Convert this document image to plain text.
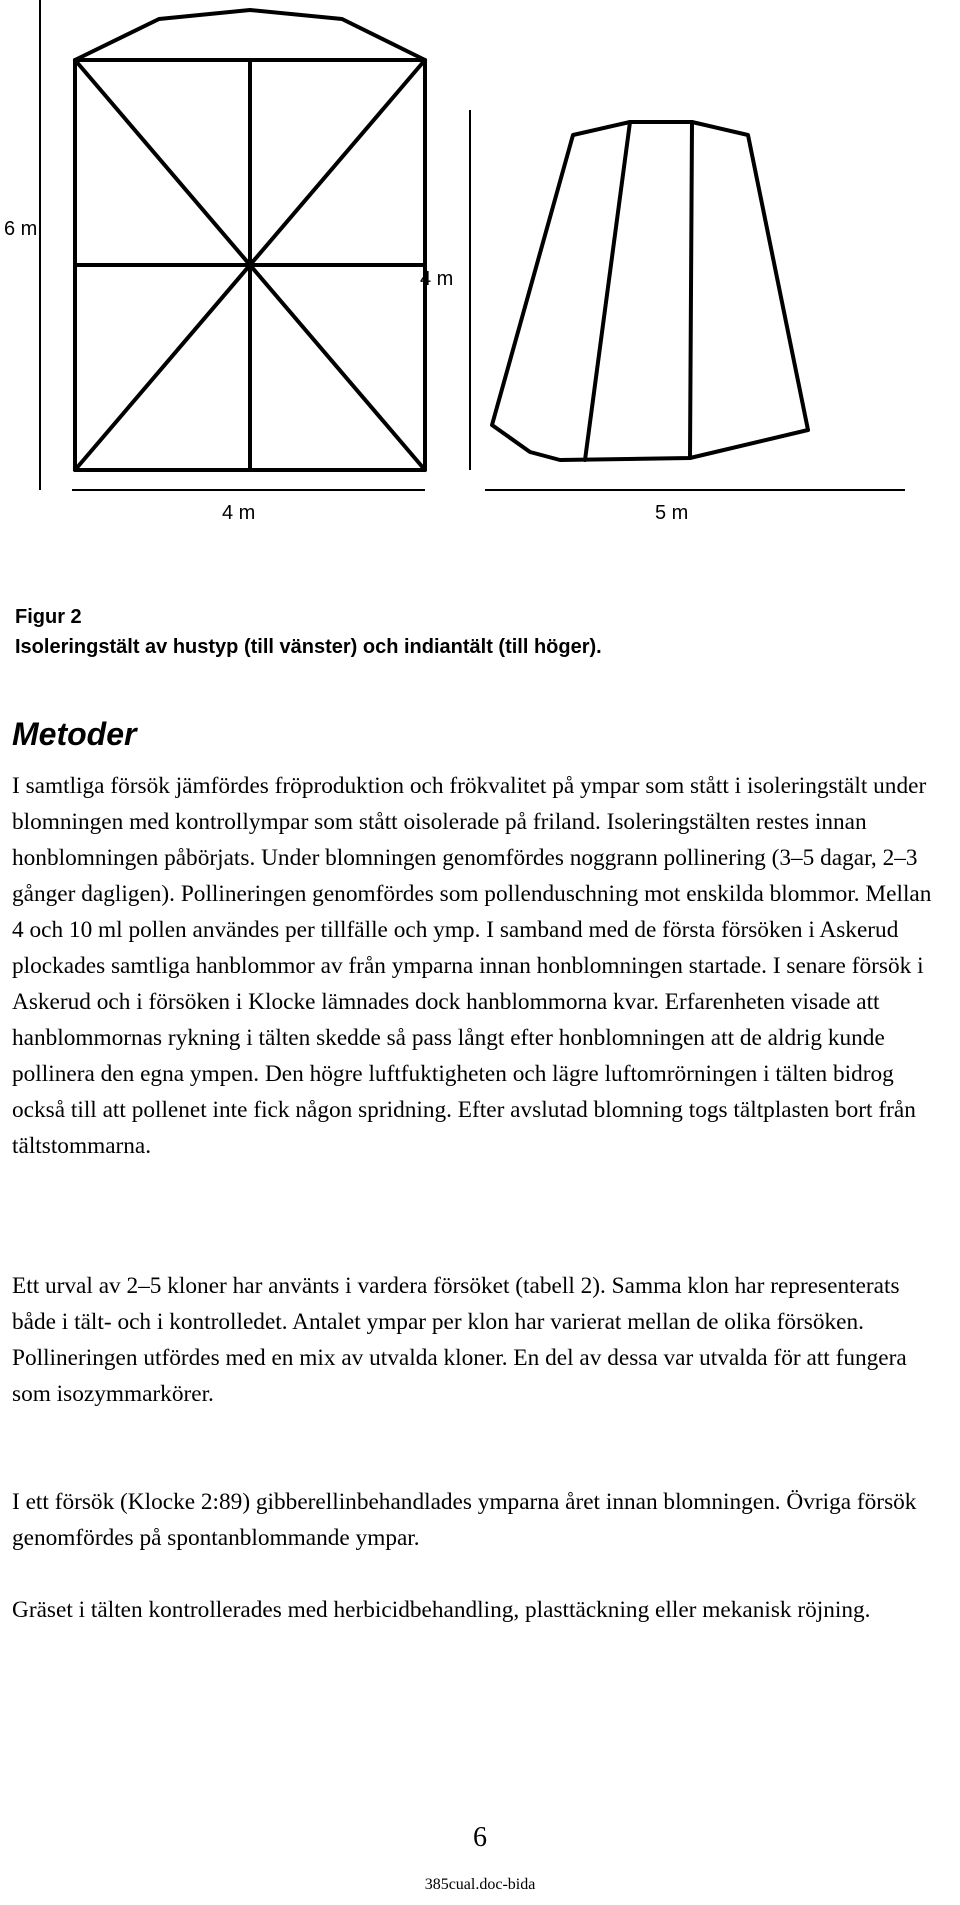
6 m
4 m
4 m	5 m
Figur 2
Isoleringstält av hustyp (till vänster) och indiantält (till höger).
Metoder

I samtliga försök jämfördes fröproduktion och frökvalitet på ympar som stått i isoleringstält under blomningen med kontrollympar som stått oisolerade på friland. Isoleringstälten restes innan honblomningen påbörjats. Under blomningen genomfördes noggrann pollinering (3–5 dagar, 2–3 gånger dagligen). Pollineringen genomfördes som pollenduschning mot enskilda blommor. Mellan 4 och 10 ml pollen användes per tillfälle och ymp. I samband med de första försöken i Askerud plockades samtliga hanblommor av från ymparna innan honblomningen startade. I senare försök i Askerud och i försöken i Klocke lämnades dock hanblommorna kvar. Erfarenheten visade att hanblommornas rykning i tälten skedde så pass långt efter honblomningen att de aldrig kunde pollinera den egna ympen. Den högre luftfuktigheten och lägre luftomrörningen i tälten bidrog också till att pollenet inte fick någon spridning. Efter avslutad blomning togs tältplasten bort från tältstommarna.

Ett urval av 2–5 kloner har använts i vardera försöket (tabell 2). Samma klon har representerats både i tält- och i kontrolledet. Antalet ympar per klon har varierat mellan de olika försöken. Pollineringen utfördes med en mix av utvalda kloner. En del av dessa var utvalda för att fungera som isozymmarkörer.

I ett försök (Klocke 2:89) gibberellinbehandlades ymparna året innan blomningen. Övriga försök genomfördes på spontanblommande ympar.

Gräset i tälten kontrollerades med herbicidbehandling, plasttäckning eller mekanisk röjning.

6
385cual.doc-bida
